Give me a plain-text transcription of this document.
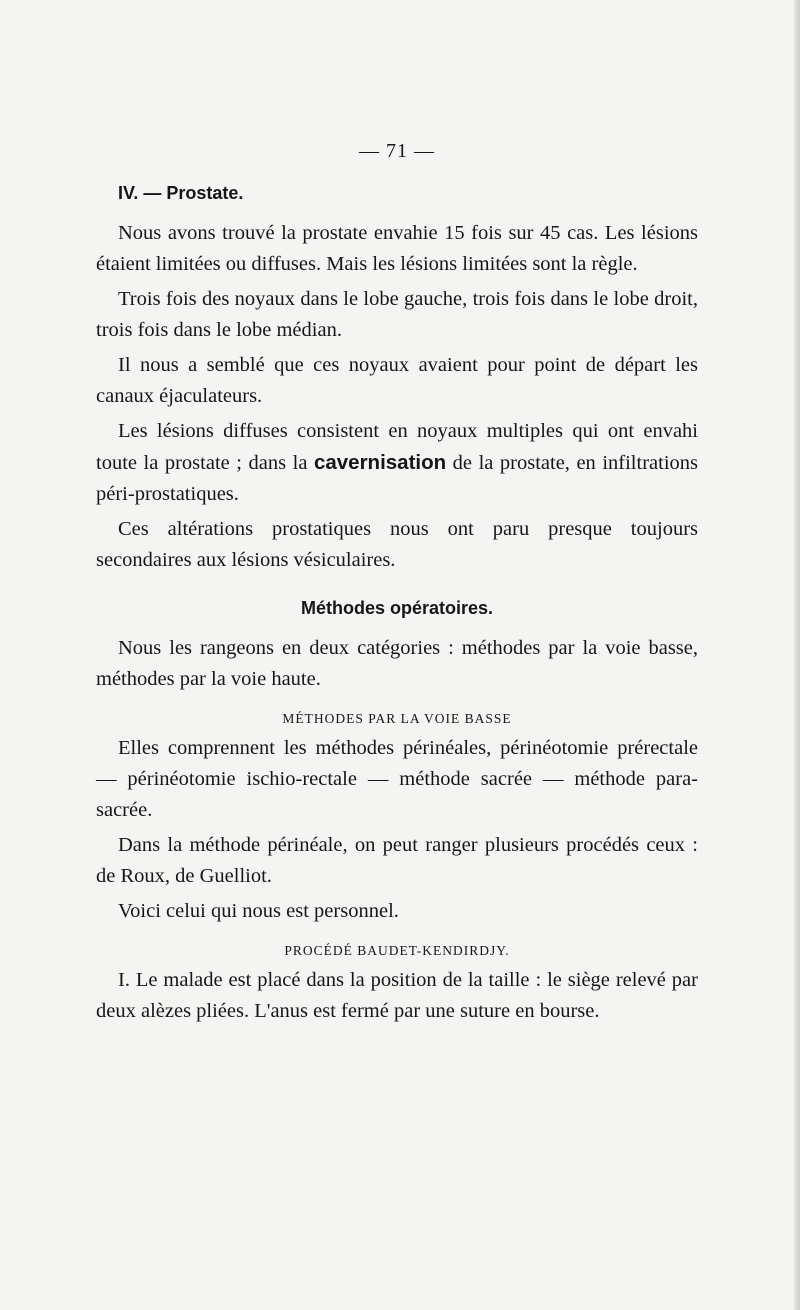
— 71 —
IV. — Prostate.

Nous avons trouvé la prostate envahie 15 fois sur 45 cas. Les lésions étaient limitées ou diffuses. Mais les lésions limitées sont la règle.

Trois fois des noyaux dans le lobe gauche, trois fois dans le lobe droit, trois fois dans le lobe médian.

Il nous a semblé que ces noyaux avaient pour point de départ les canaux éjaculateurs.

Les lésions diffuses consistent en noyaux multiples qui ont envahi toute la prostate ; dans la cavernisation de la prostate, en infiltrations péri-prostatiques.

Ces altérations prostatiques nous ont paru presque toujours secondaires aux lésions vésiculaires.

Méthodes opératoires.

Nous les rangeons en deux catégories : méthodes par la voie basse, méthodes par la voie haute.

MÉTHODES PAR LA VOIE BASSE

Elles comprennent les méthodes périnéales, périnéotomie prérectale — périnéotomie ischio-rectale — méthode sacrée — méthode para-sacrée.

Dans la méthode périnéale, on peut ranger plusieurs procédés ceux : de Roux, de Guelliot.

Voici celui qui nous est personnel.

PROCÉDÉ BAUDET-KENDIRDJY.

I. Le malade est placé dans la position de la taille : le siège relevé par deux alèzes pliées. L'anus est fermé par une suture en bourse.
